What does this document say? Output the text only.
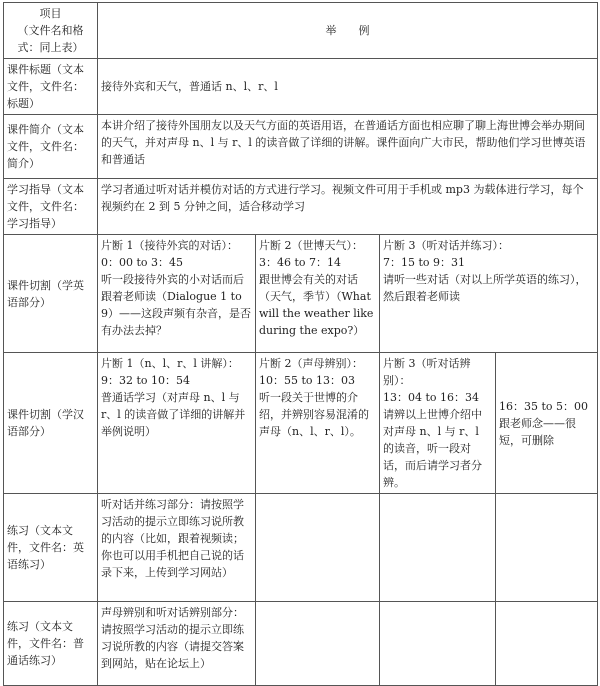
项目
（文件名和格式：同上表）	举　　例			
课件标题（文本文件，文件名：标题）	接待外宾和天气，普通话 n、l、r、l			
课件简介（文本文件，文件名：简介）	本讲介绍了接待外国朋友以及天气方面的英语用语，在普通话方面也相应聊了聊上海世博会举办期间的天气，并对声母 n、l 与 r、l 的读音做了详细的讲解。课件面向广大市民，帮助他们学习世博英语和普通话			
学习指导（文本文件，文件名：学习指导）	学习者通过听对话并模仿对话的方式进行学习。视频文件可用于手机或 mp3 为载体进行学习，每个视频约在 2 到 5 分钟之间，适合移动学习			
课件切割（学英语部分）	片断 1（接待外宾的对话）：
0：00 to 3：45
听一段接待外宾的小对话而后跟着老师读（Dialogue 1 to 9）——这段声频有杂音，是否有办法去掉？	片断 2（世博天气）：
3：46 to 7：14
跟世博会有关的对话（天气，季节）（What will the weather like during the expo?）	片断 3（听对话并练习）：
7：15 to 9：31
请听一些对话（对以上所学英语的练习），然后跟着老师读	
课件切割（学汉语部分）	片断 1（n、l、r、l 讲解）：
9：32 to 10：54
普通话学习（对声母 n、l 与 r、l 的读音做了详细的讲解并举例说明）	片断 2（声母辨别）：
10：55 to 13：03
听一段关于世博的介绍，并辨别容易混淆的声母（n、l、r、l）。	片断 3（听对话辨别）：
13：04 to 16：34
请辨以上世博介绍中对声母 n、l 与 r、l 的读音，听一段对话，而后请学习者分辨。	16：35 to 5：00
跟老师念——很短，可删除
练习（文本文件，文件名：英语练习）	听对话并练习部分：请按照学习活动的提示立即练习说所教的内容（比如，跟着视频读；你也可以用手机把自己说的话录下来，上传到学习网站）			
练习（文本文件，文件名：普通话练习）	声母辨别和听对话辨别部分：请按照学习活动的提示立即练习说所教的内容（请提交答案到网站，贴在论坛上）			
